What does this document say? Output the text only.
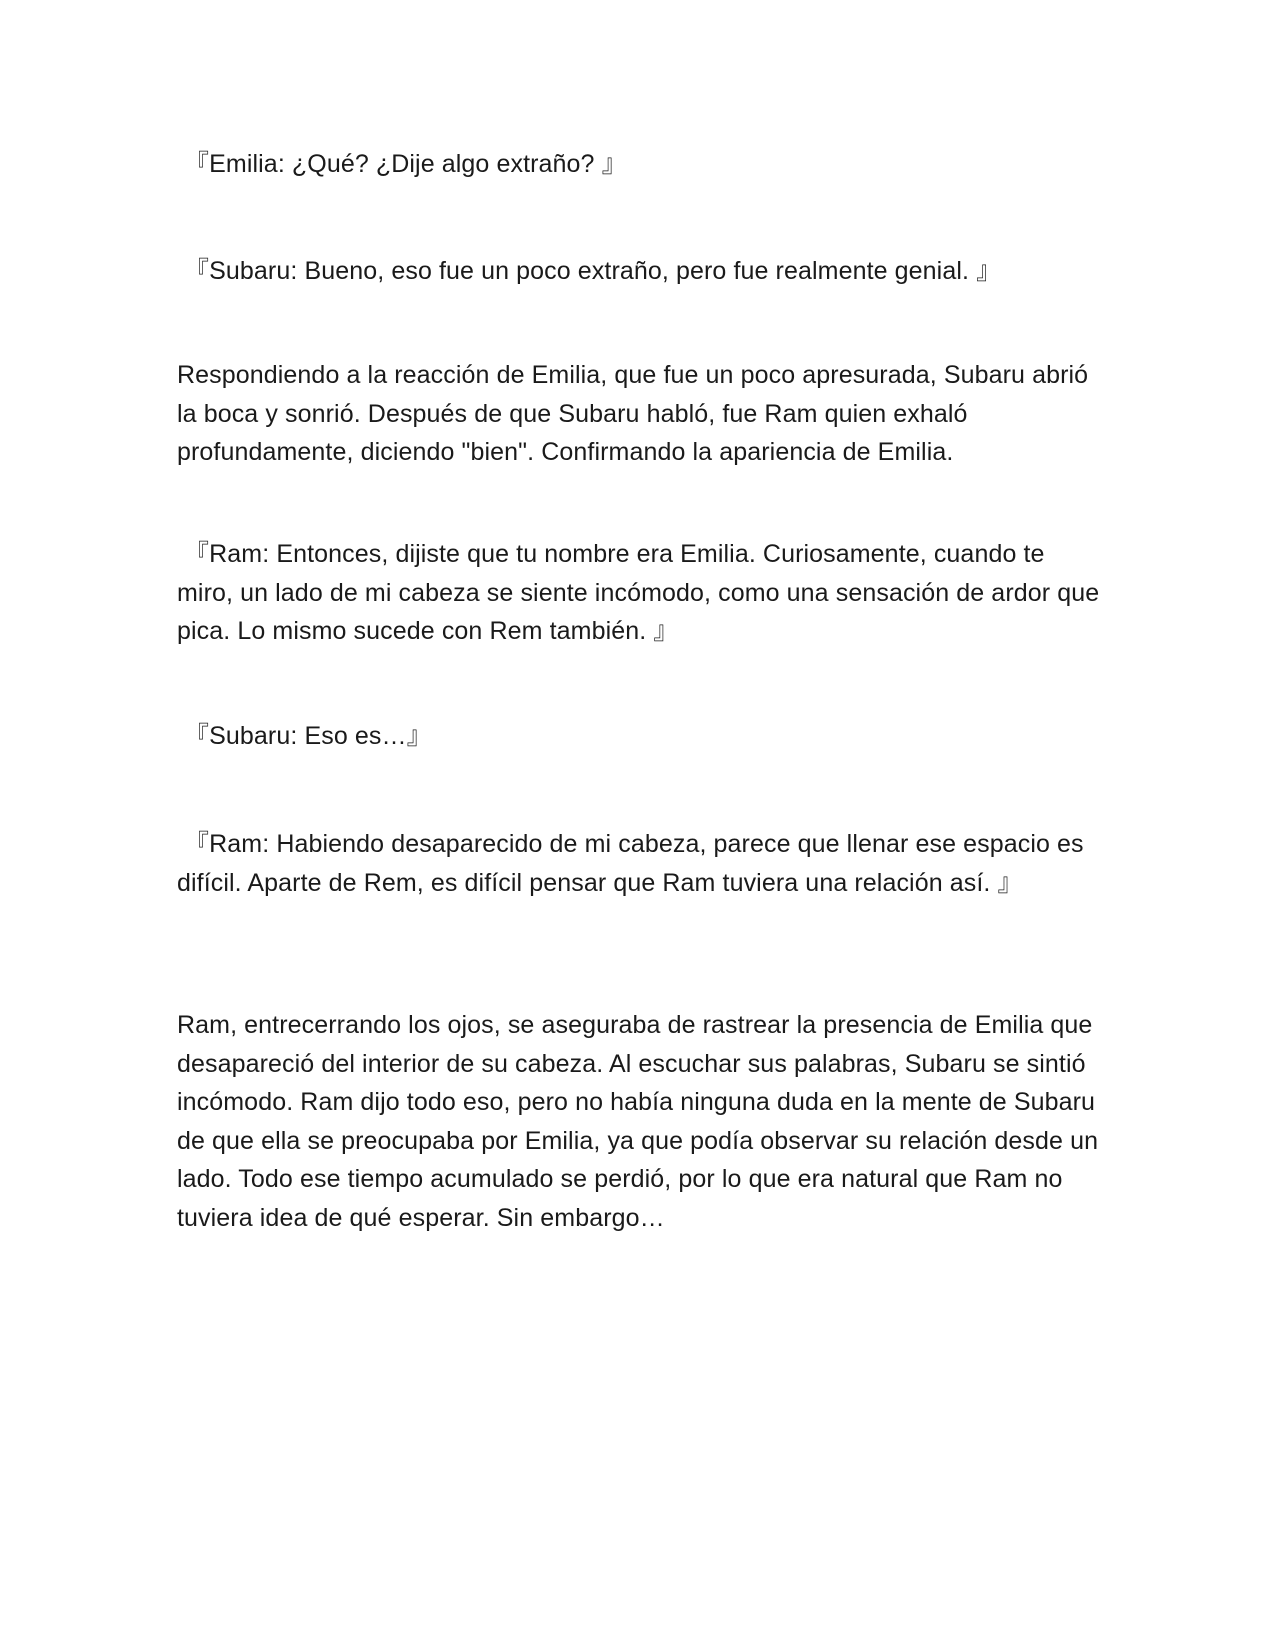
『Emilia: ¿Qué? ¿Dije algo extraño? 』

『Subaru: Bueno, eso fue un poco extraño, pero fue realmente genial. 』

Respondiendo a la reacción de Emilia, que fue un poco apresurada, Subaru abrió la boca y sonrió. Después de que Subaru habló, fue Ram quien exhaló profundamente, diciendo "bien". Confirmando la apariencia de Emilia.

『Ram: Entonces, dijiste que tu nombre era Emilia. Curiosamente, cuando te miro, un lado de mi cabeza se siente incómodo, como una sensación de ardor que pica. Lo mismo sucede con Rem también. 』

『Subaru: Eso es…』

『Ram: Habiendo desaparecido de mi cabeza, parece que llenar ese espacio es difícil. Aparte de Rem, es difícil pensar que Ram tuviera una relación así. 』

Ram, entrecerrando los ojos, se aseguraba de rastrear la presencia de Emilia que desapareció del interior de su cabeza. Al escuchar sus palabras, Subaru se sintió incómodo. Ram dijo todo eso, pero no había ninguna duda en la mente de Subaru de que ella se preocupaba por Emilia, ya que podía observar su relación desde un lado. Todo ese tiempo acumulado se perdió, por lo que era natural que Ram no tuviera idea de qué esperar. Sin embargo…
